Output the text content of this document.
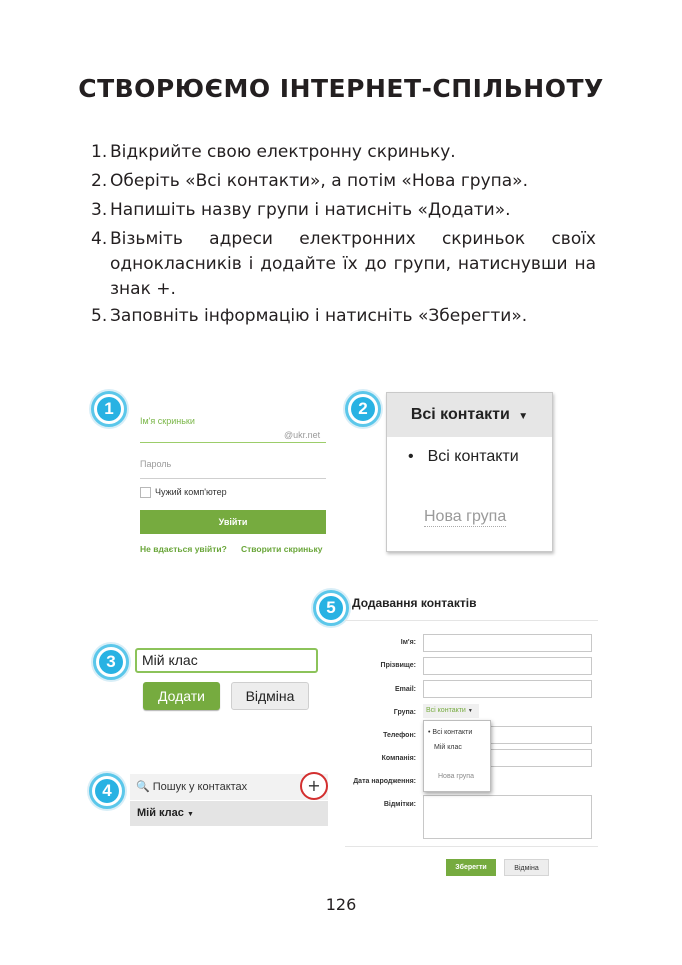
СТВОРЮЄМО ІНТЕРНЕТ-СПІЛЬНОТУ
1. Відкрийте свою електронну скриньку.
2. Оберіть «Всі контакти», а потім «Нова група».
3. Напишіть назву групи і натисніть «Додати».
4. Візьміть адреси електронних скриньок своїх однокласників і додайте їх до групи, натиснувши на знак +.
5. Заповніть інформацію і натисніть «Зберегти».
1
Ім'я скриньки
@ukr.net
Пароль
Чужий комп'ютер
Увійти
Не вдається увійти? Створити скриньку
2	Всі контакти ▼
• Всі контакти
Нова група
3	Мій клас
Додати	Відміна
4	🔍 Пошук у контактах	+
Мій клас ▼
5	Додавання контактів
Ім'я:
Прізвище:
Email:
Група:	Всі контакти ▼
Телефон:
Компанія:
Дата народження:
Відмітки:
• Всі контакти
Мій клас
Нова група
Зберегти	Відміна
126
